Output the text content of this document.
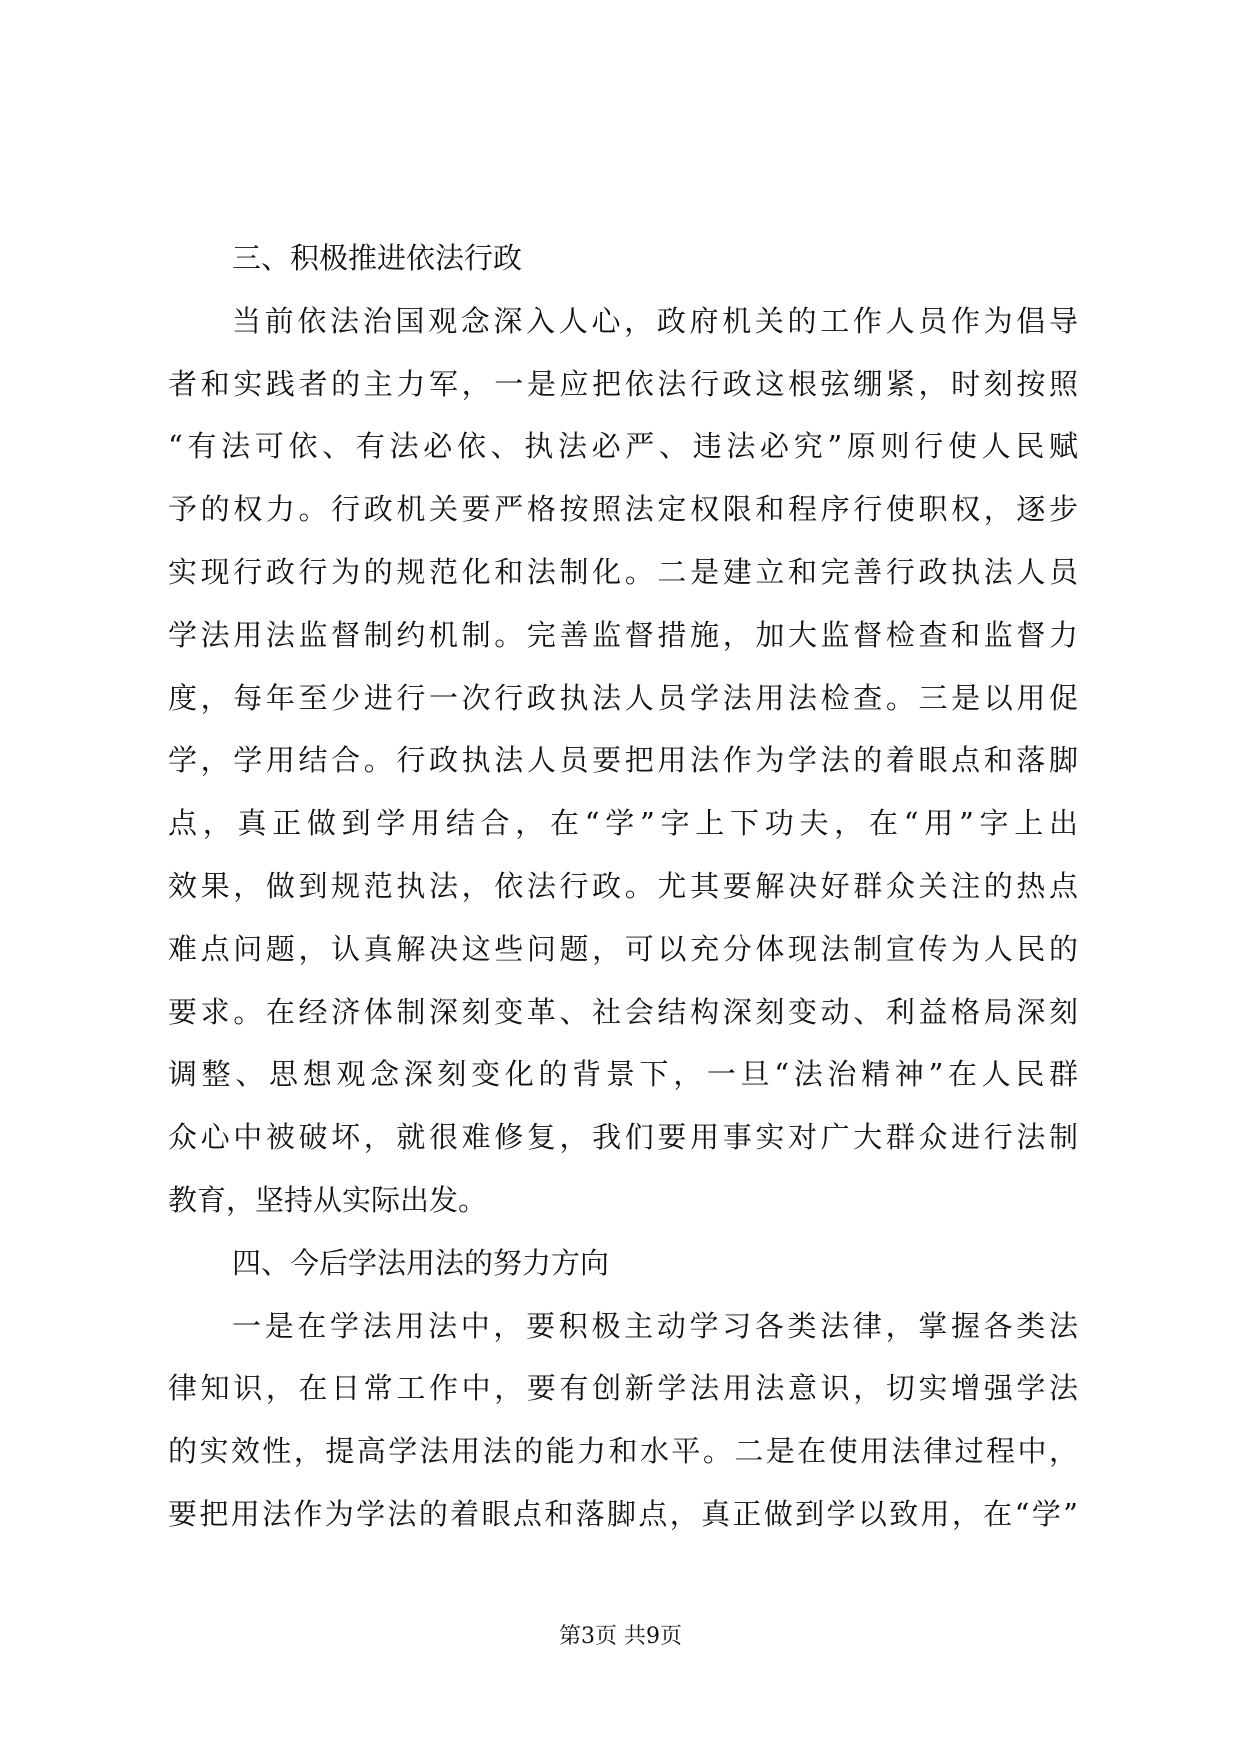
三、积极推进依法行政
当前依法治国观念深入人心，政府机关的工作人员作为倡导
者和实践者的主力军，一是应把依法行政这根弦绷紧，时刻按照
“有法可依、有法必依、执法必严、违法必究”原则行使人民赋
予的权力。行政机关要严格按照法定权限和程序行使职权，逐步
实现行政行为的规范化和法制化。二是建立和完善行政执法人员
学法用法监督制约机制。完善监督措施，加大监督检查和监督力
度，每年至少进行一次行政执法人员学法用法检查。三是以用促
学，学用结合。行政执法人员要把用法作为学法的着眼点和落脚
点，真正做到学用结合，在“学”字上下功夫，在“用”字上出
效果，做到规范执法，依法行政。尤其要解决好群众关注的热点
难点问题，认真解决这些问题，可以充分体现法制宣传为人民的
要求。在经济体制深刻变革、社会结构深刻变动、利益格局深刻
调整、思想观念深刻变化的背景下，一旦“法治精神”在人民群
众心中被破坏，就很难修复，我们要用事实对广大群众进行法制
教育，坚持从实际出发。
四、今后学法用法的努力方向
一是在学法用法中，要积极主动学习各类法律，掌握各类法
律知识，在日常工作中，要有创新学法用法意识，切实增强学法
的实效性，提高学法用法的能力和水平。二是在使用法律过程中，
要把用法作为学法的着眼点和落脚点，真正做到学以致用，在“学”
第3页 共9页
